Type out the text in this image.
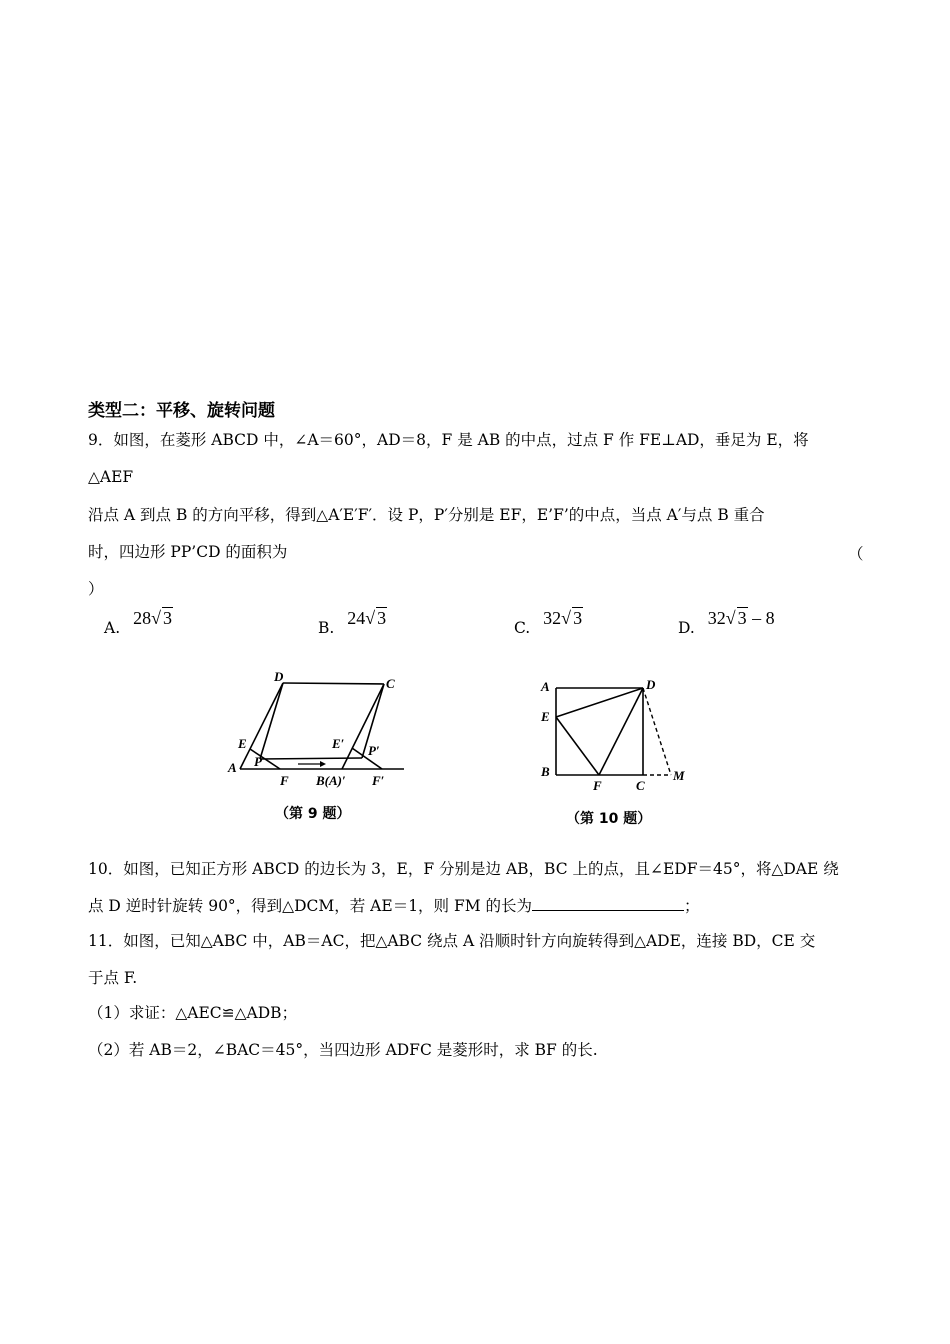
类型二：平移、旋转问题
9．如图，在菱形 ABCD 中，∠A＝60°，AD＝8，F 是 AB 的中点，过点 F 作 FE⊥AD，垂足为 E，将
△AEF
沿点 A 到点 B 的方向平移，得到△A′E′F′．设 P，P′分别是 EF，E’F’的中点，当点 A′与点 B 重合
时，四边形 PP’CD 的面积为	（
）
A. 28√ 3	B. 24√ 3	C. 32√ 3	D. 32√ 3 – 8
D	C
E
P
A
F
E′ P′
B(A)′ F′
（第 9 题）
A	D
E
B
F	C
M
（第 10 题）
10．如图，已知正方形 ABCD 的边长为 3，E，F 分别是边 AB，BC 上的点，且∠EDF＝45°，将△DAE 绕
点 D 逆时针旋转 90°，得到△DCM，若 AE＝1，则 FM 的长为	；
11．如图，已知△ABC 中，AB＝AC，把△ABC 绕点 A 沿顺时针方向旋转得到△ADE，连接 BD，CE 交
于点 F.
（1）求证：△AEC≌△ADB；
（2）若 AB＝2，∠BAC＝45°，当四边形 ADFC 是菱形时，求 BF 的长.
